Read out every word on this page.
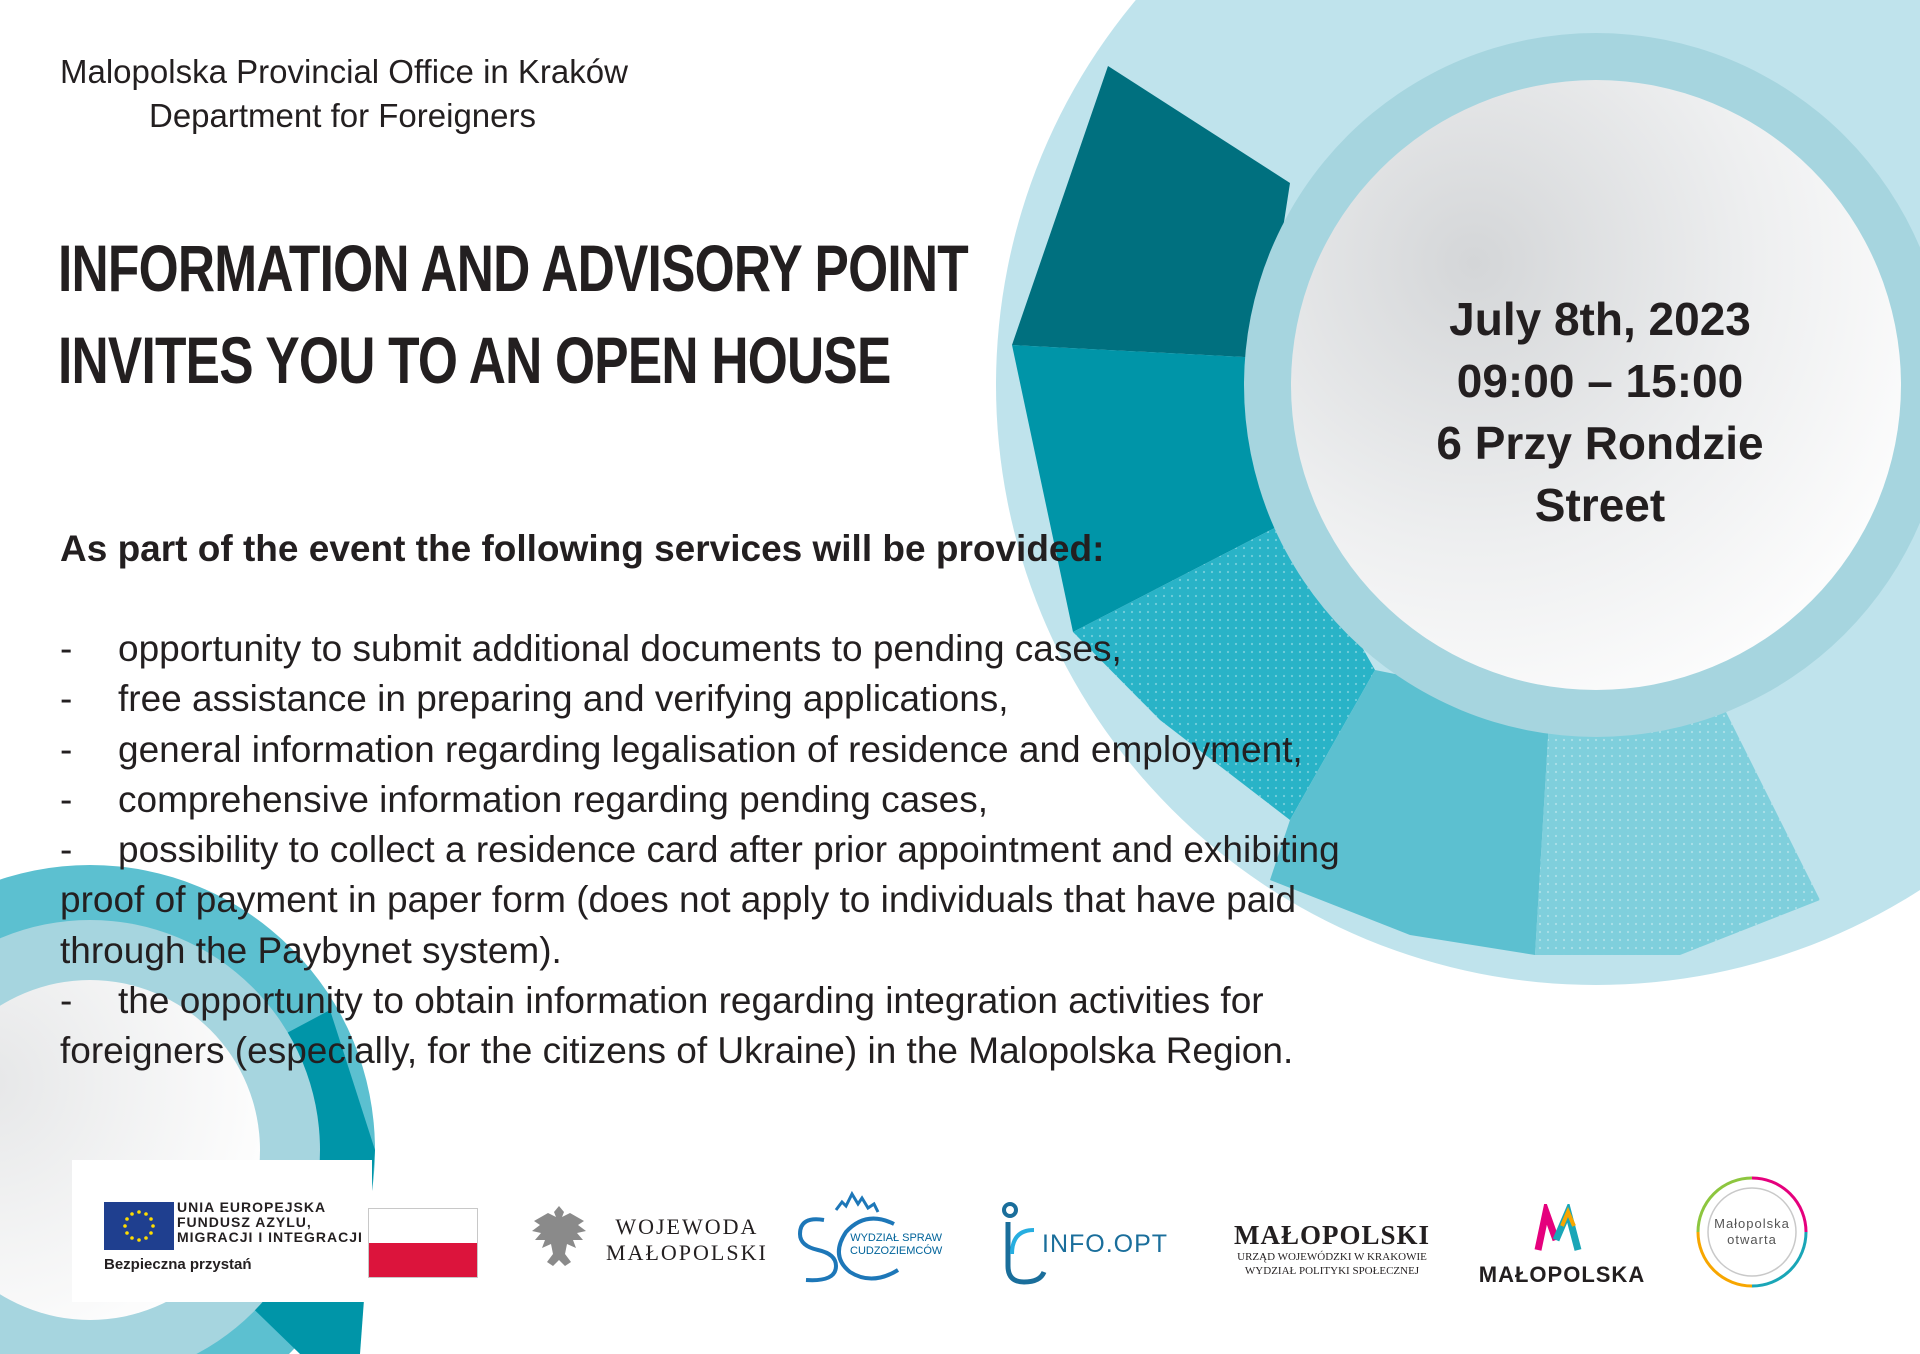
Malopolska Provincial Office in Kraków
Department for Foreigners
INFORMATION AND ADVISORY POINT
INVITES YOU TO AN OPEN HOUSE
July 8th, 2023
09:00 – 15:00
6 Przy Rondzie
Street
As part of the event the following services will be provided:
- opportunity to submit additional documents to pending cases,
- free assistance in preparing and verifying applications,
- general information regarding legalisation of residence and employment,
- comprehensive information regarding pending cases,
- possibility to collect a residence card after prior appointment and exhibiting
proof of payment in paper form (does not apply to individuals that have paid
through the Paybynet system).
- the opportunity to obtain information regarding integration activities for
foreigners (especially, for the citizens of Ukraine) in the Malopolska Region.
UNIA EUROPEJSKA
FUNDUSZ AZYLU,
MIGRACJI I INTEGRACJI
Bezpieczna przystań
WOJEWODA
MAŁOPOLSKI
WYDZIAŁ SPRAW
CUDZOZIEMCÓW	INFO.OPT	MAŁOPOLSKI
URZĄD WOJEWÓDZKI W KRAKOWIE
WYDZIAŁ POLITYKI SPOŁECZNEJ	MAŁOPOLSKA
Małopolska
otwarta
